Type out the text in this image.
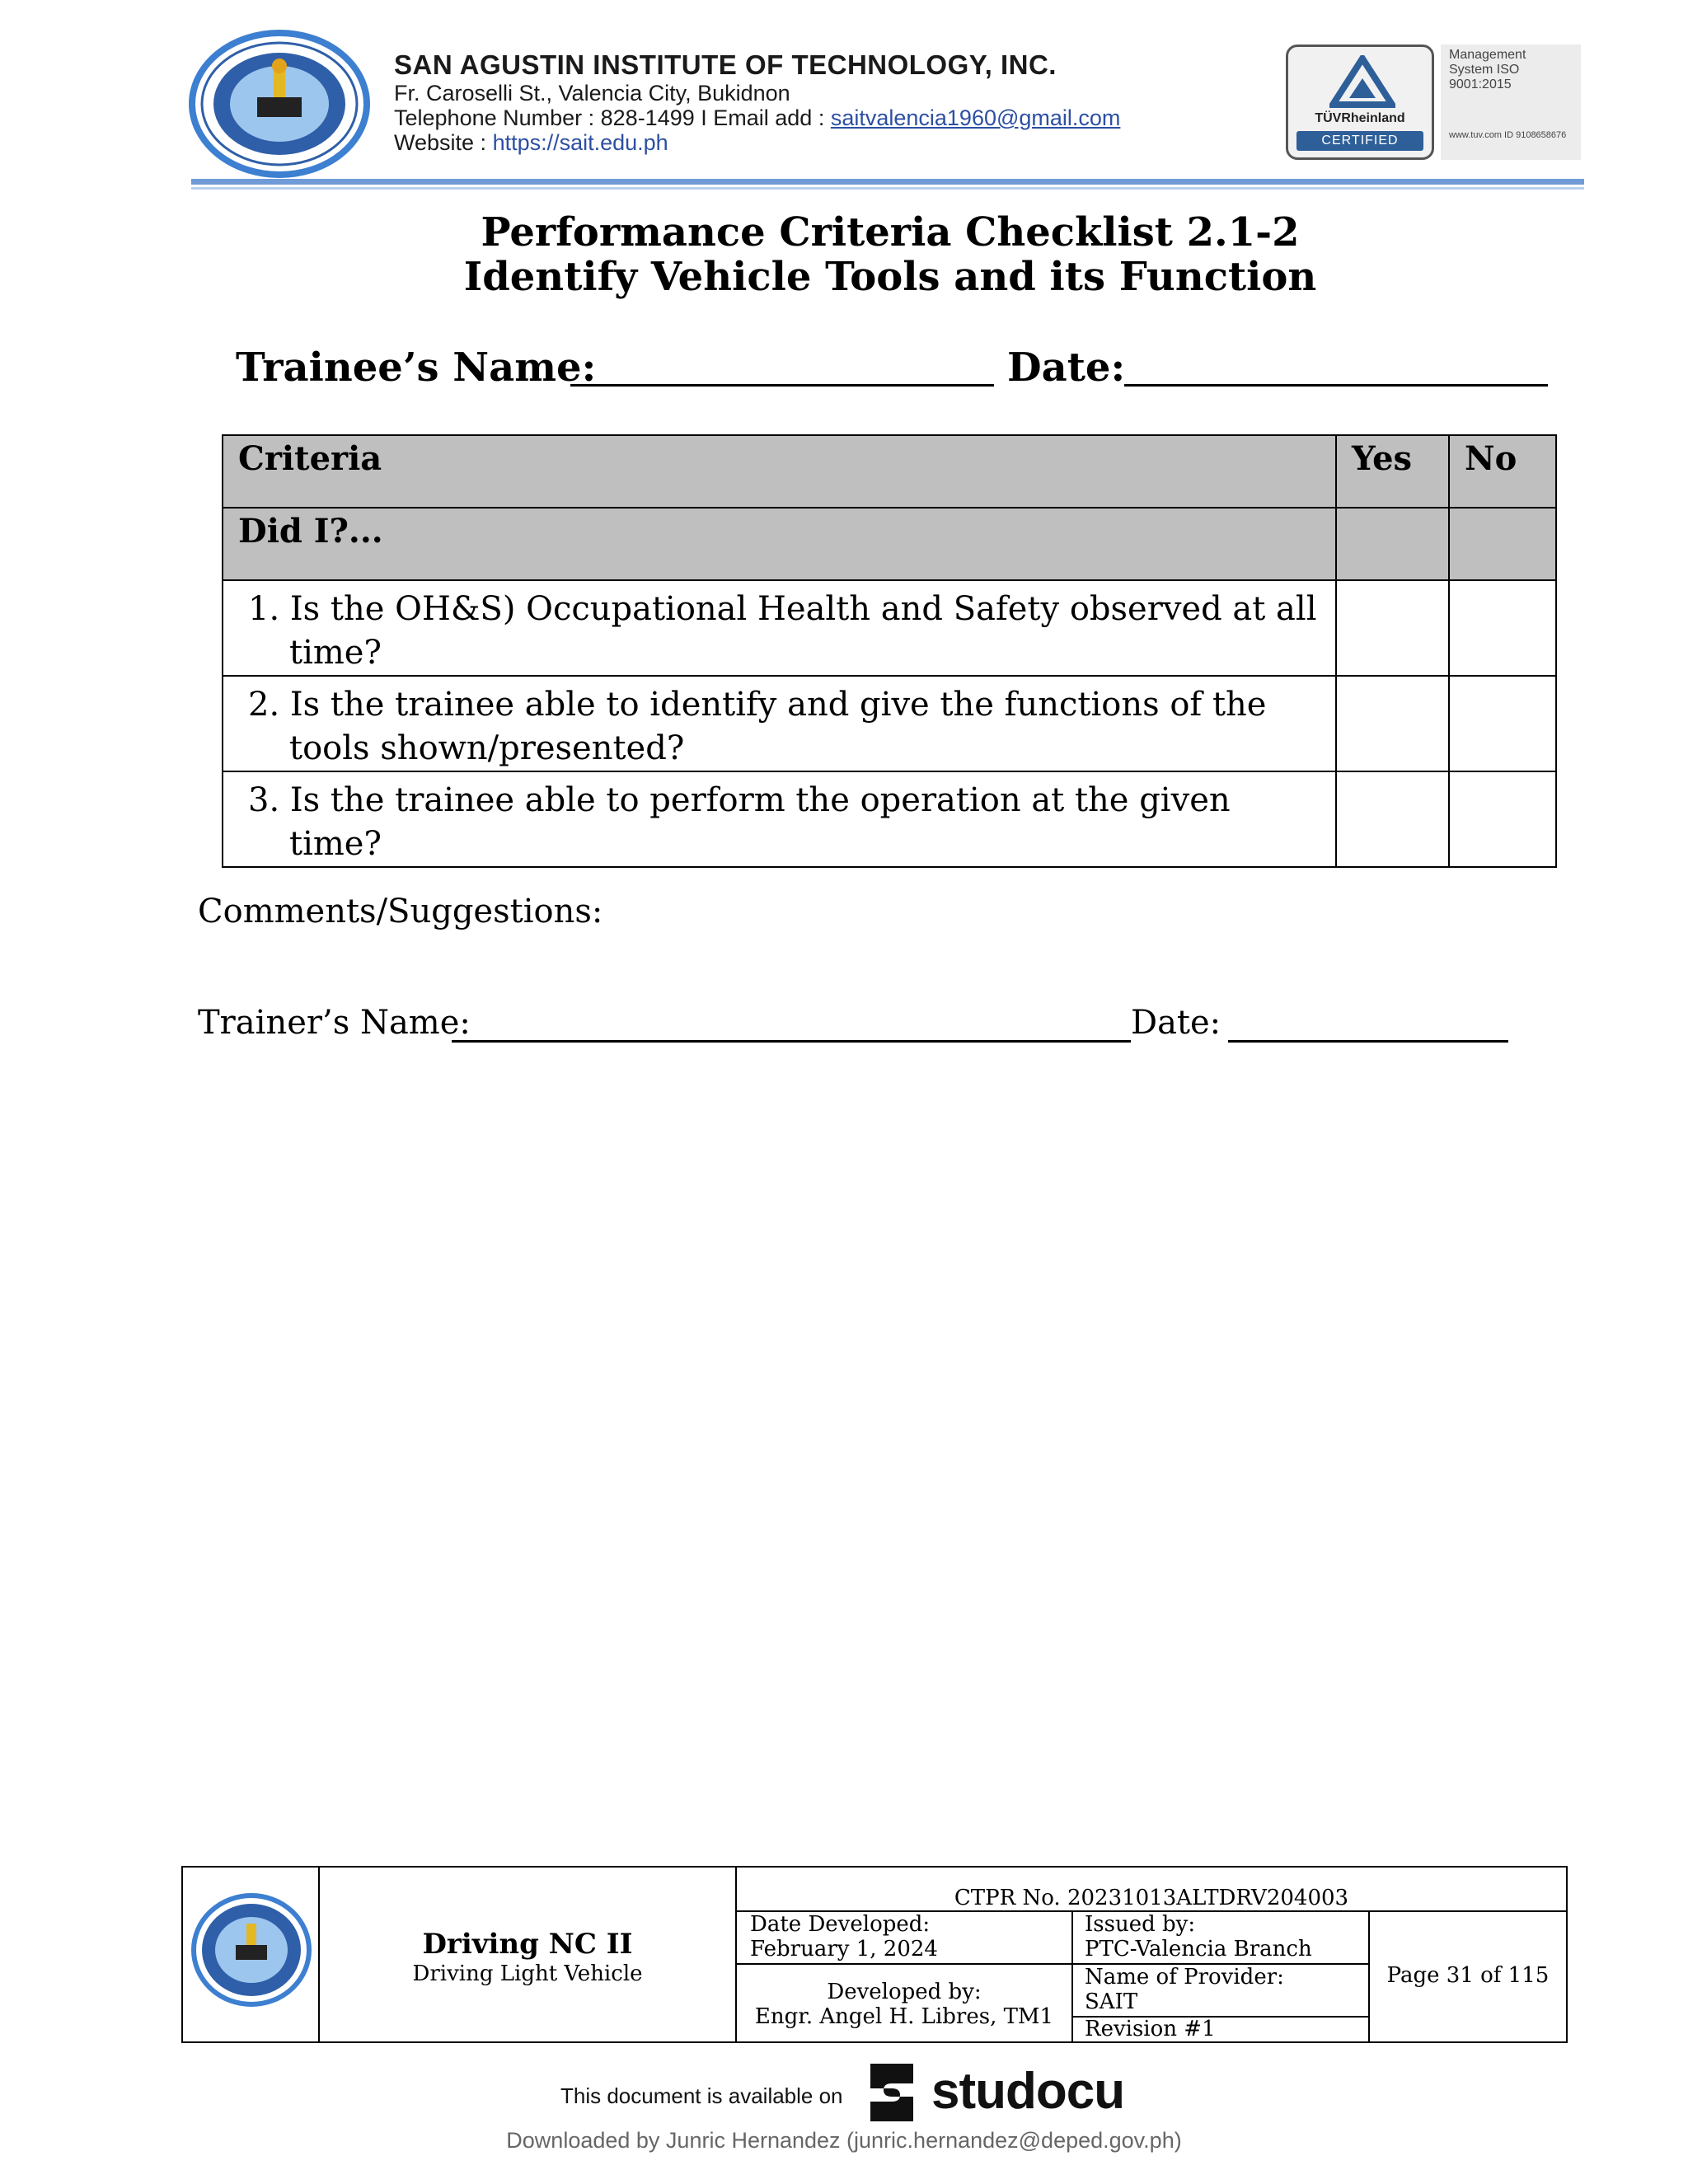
SAN AGUSTIN INSTITUTE OF TECHNOLOGY, INC.
Fr. Caroselli St., Valencia City, Bukidnon
Telephone Number : 828-1499 I Email add : saitvalencia1960@gmail.com
Website : https://sait.edu.ph
TÜVRheinland
CERTIFIED
Management System ISO 9001:2015
www.tuv.com ID 9108658676
Performance Criteria Checklist 2.1-2
Identify Vehicle Tools and its Function
Trainee’s Name:	Date:
Criteria	Yes	No
Did I?...		
1. Is the OH&S) Occupational Health and Safety observed at all time?		
2. Is the trainee able to identify and give the functions of the tools shown/presented?		
3. Is the trainee able to perform the operation at the given time?		
Comments/Suggestions:
Trainer’s Name:	Date:
Driving NC II
Driving Light Vehicle
CTPR No. 20231013ALTDRV204003
Date Developed:
February 1, 2024
Developed by:
Engr. Angel H. Libres, TM1
Issued by:
PTC-Valencia Branch
Name of Provider:
SAIT
Revision #1
Page 31 of 115
This document is available on studocu
Downloaded by Junric Hernandez (junric.hernandez@deped.gov.ph)
